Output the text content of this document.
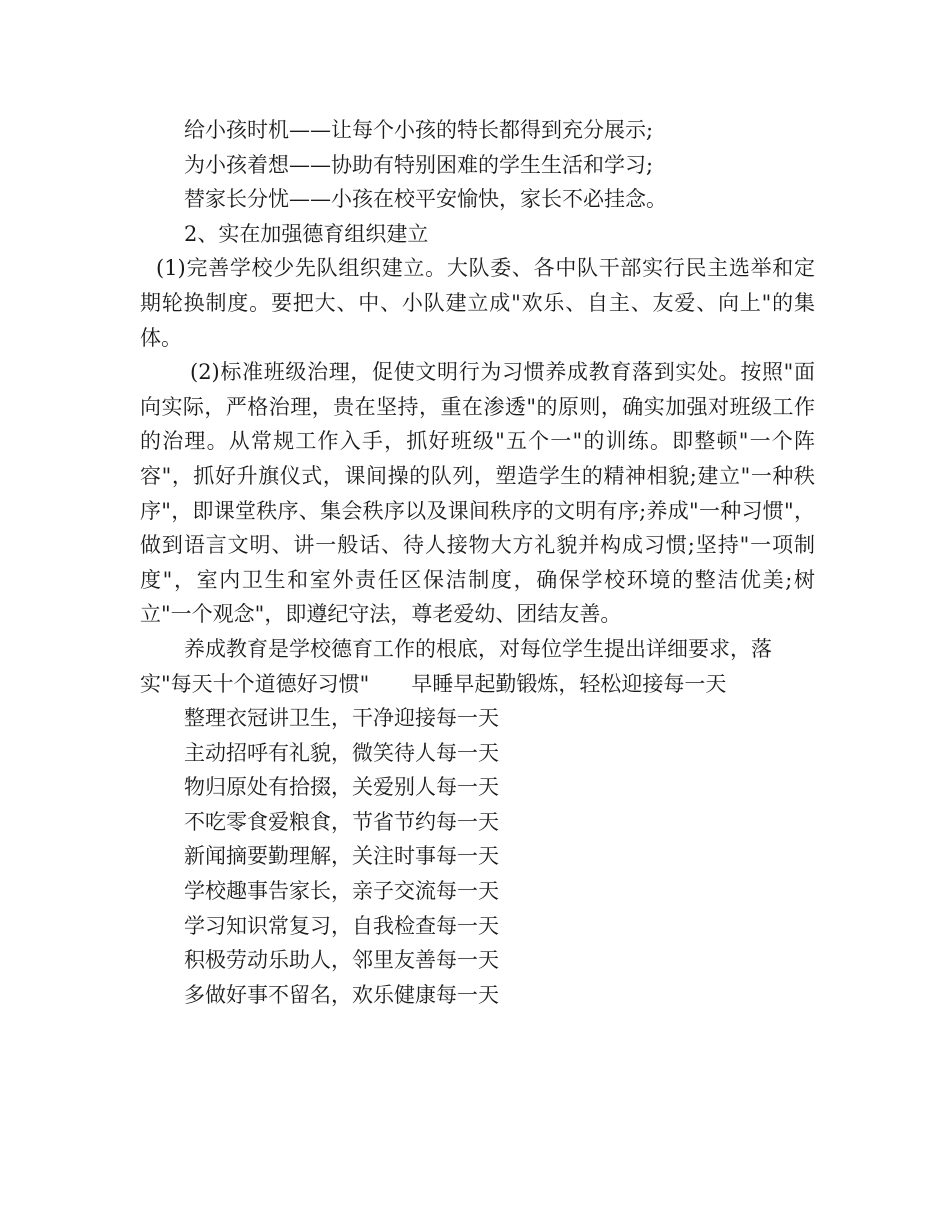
给小孩时机——让每个小孩的特长都得到充分展示;

为小孩着想——协助有特别困难的学生生活和学习;

替家长分忧——小孩在校平安愉快，家长不必挂念。

2、实在加强德育组织建立

(1)完善学校少先队组织建立。大队委、各中队干部实行民主选举和定期轮换制度。要把大、中、小队建立成"欢乐、自主、友爱、向上"的集体。

(2)标准班级治理，促使文明行为习惯养成教育落到实处。按照"面向实际，严格治理，贵在坚持，重在渗透"的原则，确实加强对班级工作的治理。从常规工作入手，抓好班级"五个一"的训练。即整顿"一个阵容"，抓好升旗仪式，课间操的队列，塑造学生的精神相貌;建立"一种秩序"，即课堂秩序、集会秩序以及课间秩序的文明有序;养成"一种习惯"，做到语言文明、讲一般话、待人接物大方礼貌并构成习惯;坚持"一项制度"，室内卫生和室外责任区保洁制度，确保学校环境的整洁优美;树立"一个观念"，即遵纪守法，尊老爱幼、团结友善。

养成教育是学校德育工作的根底，对每位学生提出详细要求，落

实"每天十个道德好习惯" 早睡早起勤锻炼，轻松迎接每一天

整理衣冠讲卫生，干净迎接每一天

主动招呼有礼貌，微笑待人每一天

物归原处有拾掇，关爱别人每一天

不吃零食爱粮食，节省节约每一天

新闻摘要勤理解，关注时事每一天

学校趣事告家长，亲子交流每一天

学习知识常复习，自我检查每一天

积极劳动乐助人，邻里友善每一天

多做好事不留名，欢乐健康每一天
